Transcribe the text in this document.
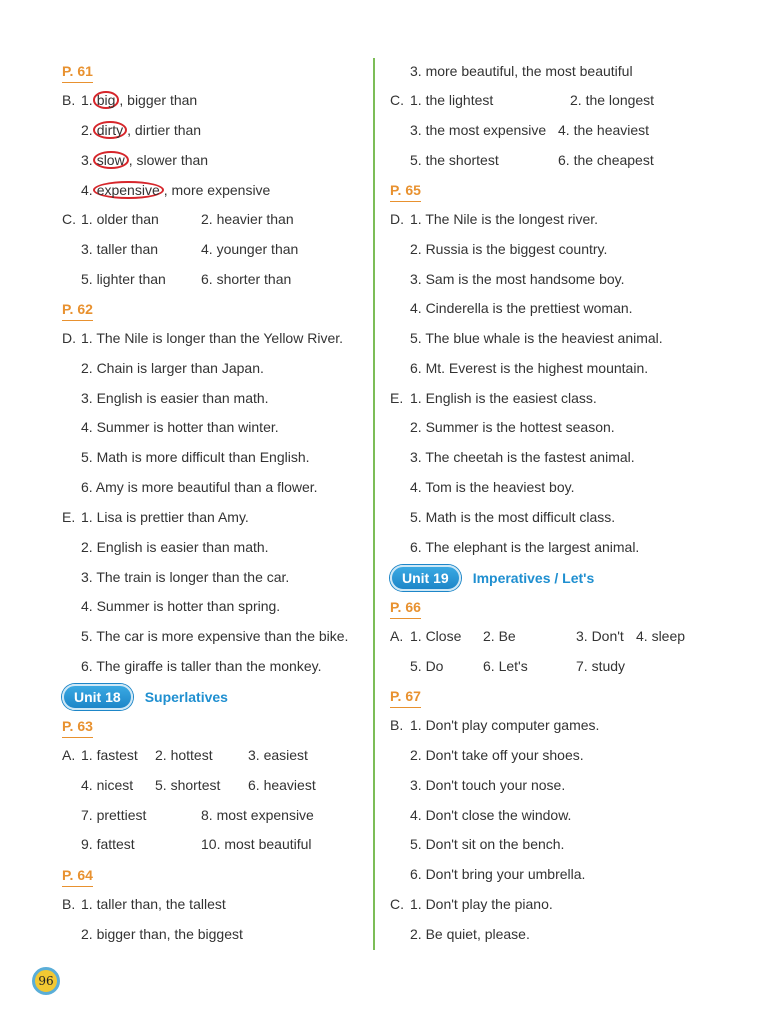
P. 61
B. 1. big , bigger than
2. dirty , dirtier than
3. slow , slower than
4. expensive , more expensive
C. 1. older than	2. heavier than
3. taller than	4. younger than
5. lighter than	6. shorter than
P. 62
D. 1. The Nile is longer than the Yellow River.
2. Chain is larger than Japan.
3. English is easier than math.
4. Summer is hotter than winter.
5. Math is more difficult than English.
6. Amy is more beautiful than a flower.
E. 1. Lisa is prettier than Amy.
2. English is easier than math.
3. The train is longer than the car.
4. Summer is hotter than spring.
5. The car is more expensive than the bike.
6. The giraffe is taller than the monkey.
Unit 18	Superlatives
P. 63
A. 1. fastest 2. hottest	3. easiest
4. nicest 5. shortest 6. heaviest
7. prettiest	8. most expensive
9. fattest	10. most beautiful
P. 64
B. 1. taller than, the tallest
2. bigger than, the biggest
3. more beautiful, the most beautiful
C. 1. the lightest	2. the longest
3. the most expensive 4. the heaviest
5. the shortest	6. the cheapest
P. 65
D. 1. The Nile is the longest river.
2. Russia is the biggest country.
3. Sam is the most handsome boy.
4. Cinderella is the prettiest woman.
5. The blue whale is the heaviest animal.
6. Mt. Everest is the highest mountain.
E. 1. English is the easiest class.
2. Summer is the hottest season.
3. The cheetah is the fastest animal.
4. Tom is the heaviest boy.
5. Math is the most difficult class.
6. The elephant is the largest animal.
Unit 19	Imperatives / Let's
P. 66
A. 1. Close 2. Be	3. Don't 4. sleep
5. Do	6. Let's	7. study
P. 67
B. 1. Don't play computer games.
2. Don't take off your shoes.
3. Don't touch your nose.
4. Don't close the window.
5. Don't sit on the bench.
6. Don't bring your umbrella.
C. 1. Don't play the piano.
2. Be quiet, please.
96
